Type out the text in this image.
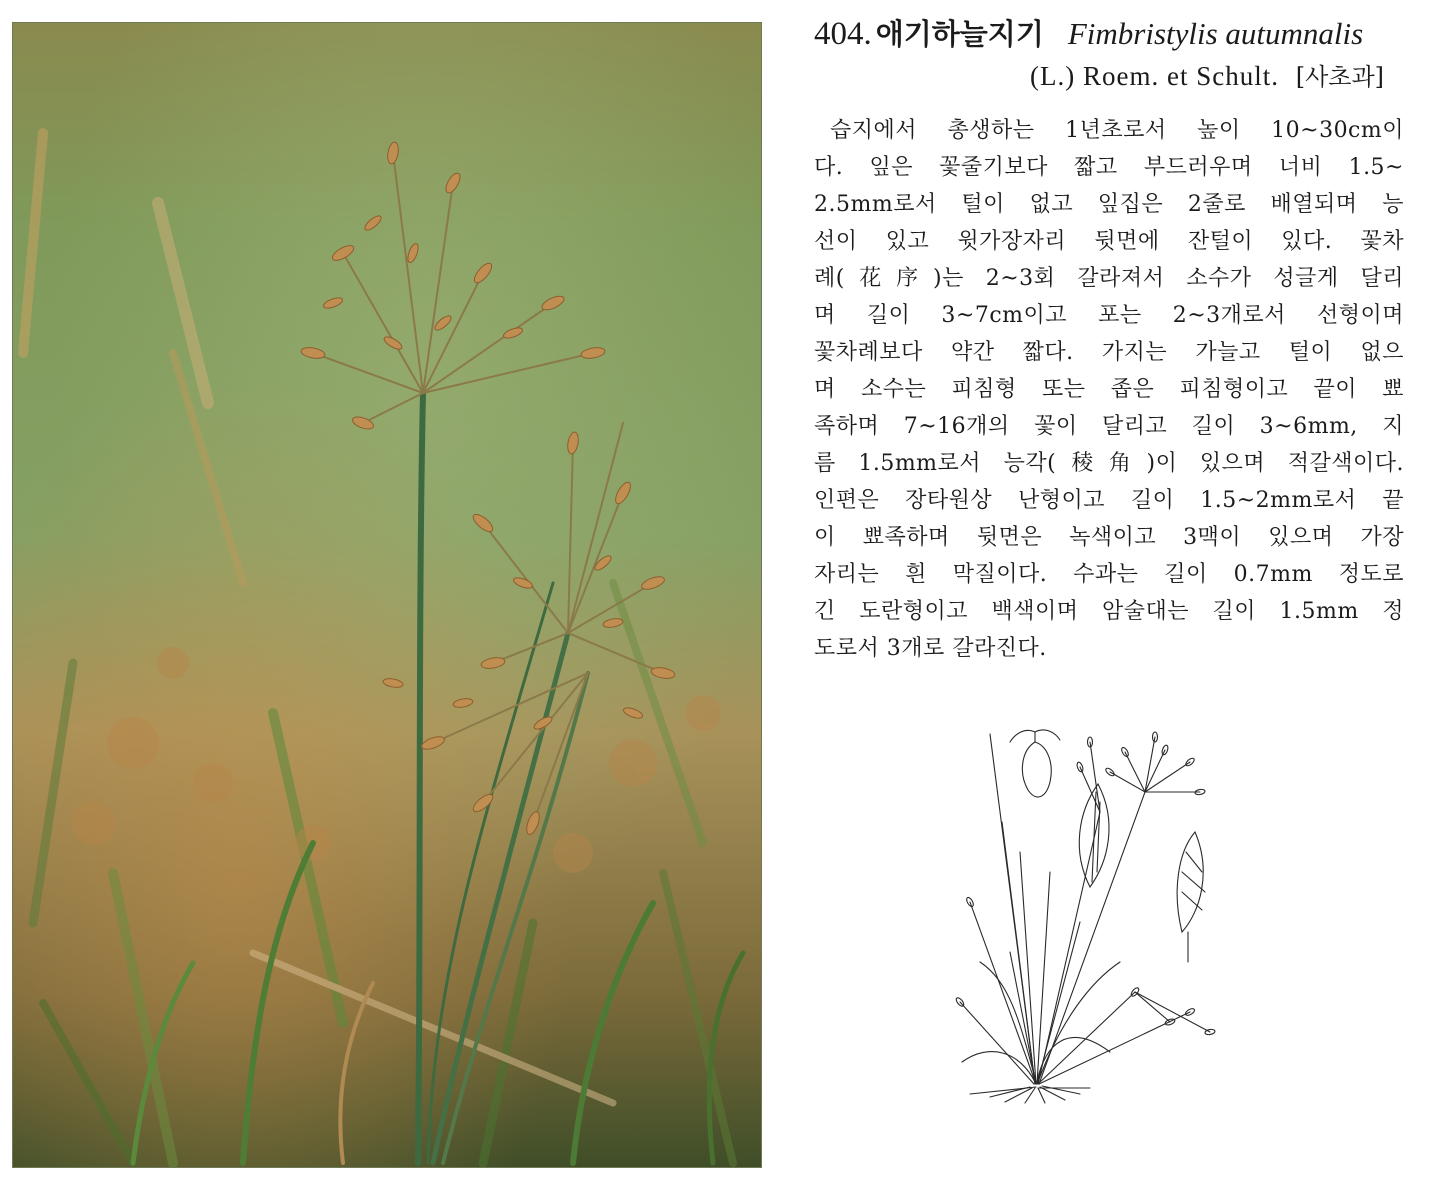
404. 애기하늘지기 Fimbristylis autumnalis
(L.) Roem. et Schult. [사초과]
습지에서 총생하는 1년초로서 높이 10~30cm이
다. 잎은 꽃줄기보다 짧고 부드러우며 너비 1.5~
2.5mm로서 털이 없고 잎집은 2줄로 배열되며 능
선이 있고 윗가장자리 뒷면에 잔털이 있다. 꽃차
례(花序)는 2~3회 갈라져서 소수가 성글게 달리
며 길이 3~7cm이고 포는 2~3개로서 선형이며
꽃차례보다 약간 짧다. 가지는 가늘고 털이 없으
며 소수는 피침형 또는 좁은 피침형이고 끝이 뾰
족하며 7~16개의 꽃이 달리고 길이 3~6mm, 지
름 1.5mm로서 능각(稜角)이 있으며 적갈색이다.
인편은 장타원상 난형이고 길이 1.5~2mm로서 끝
이 뾰족하며 뒷면은 녹색이고 3맥이 있으며 가장
자리는 흰 막질이다. 수과는 길이 0.7mm 정도로
긴 도란형이고 백색이며 암술대는 길이 1.5mm 정
도로서 3개로 갈라진다.
